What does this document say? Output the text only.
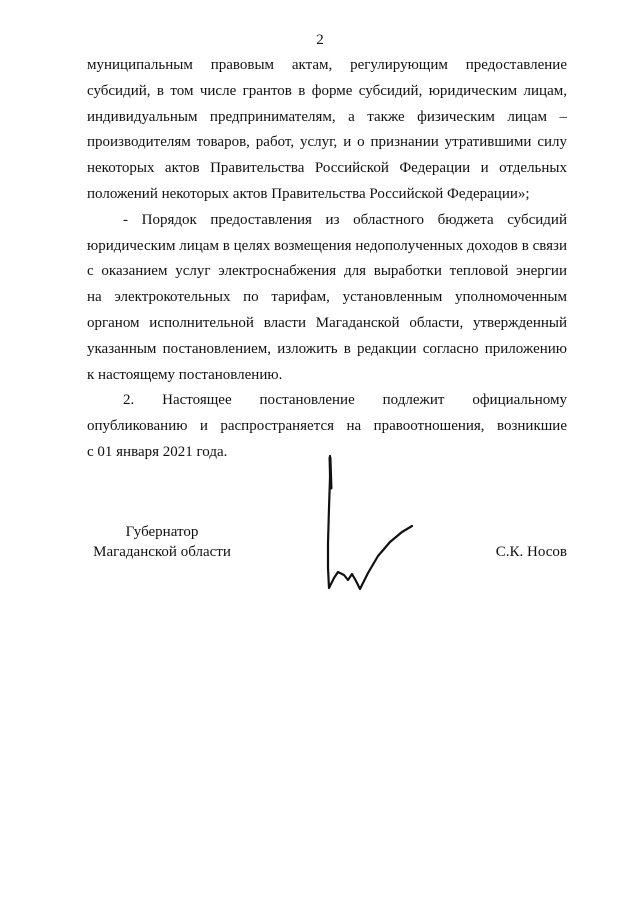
2

муниципальным правовым актам, регулирующим предоставление
субсидий, в том числе грантов в форме субсидий, юридическим лицам,
индивидуальным предпринимателям, а также физическим лицам –
производителям товаров, работ, услуг, и о признании утратившими силу
некоторых актов Правительства Российской Федерации и отдельных
положений некоторых актов Правительства Российской Федерации»;

- Порядок предоставления из областного бюджета субсидий
юридическим лицам в целях возмещения недополученных доходов в связи
с оказанием услуг электроснабжения для выработки тепловой энергии
на электрокотельных по тарифам, установленным уполномоченным
органом исполнительной власти Магаданской области, утвержденный
указанным постановлением, изложить в редакции согласно приложению
к настоящему постановлению.

2. Настоящее постановление подлежит официальному
опубликованию и распространяется на правоотношения, возникшие
с 01 января 2021 года.

Губернатор
Магаданской области	С.К. Носов
